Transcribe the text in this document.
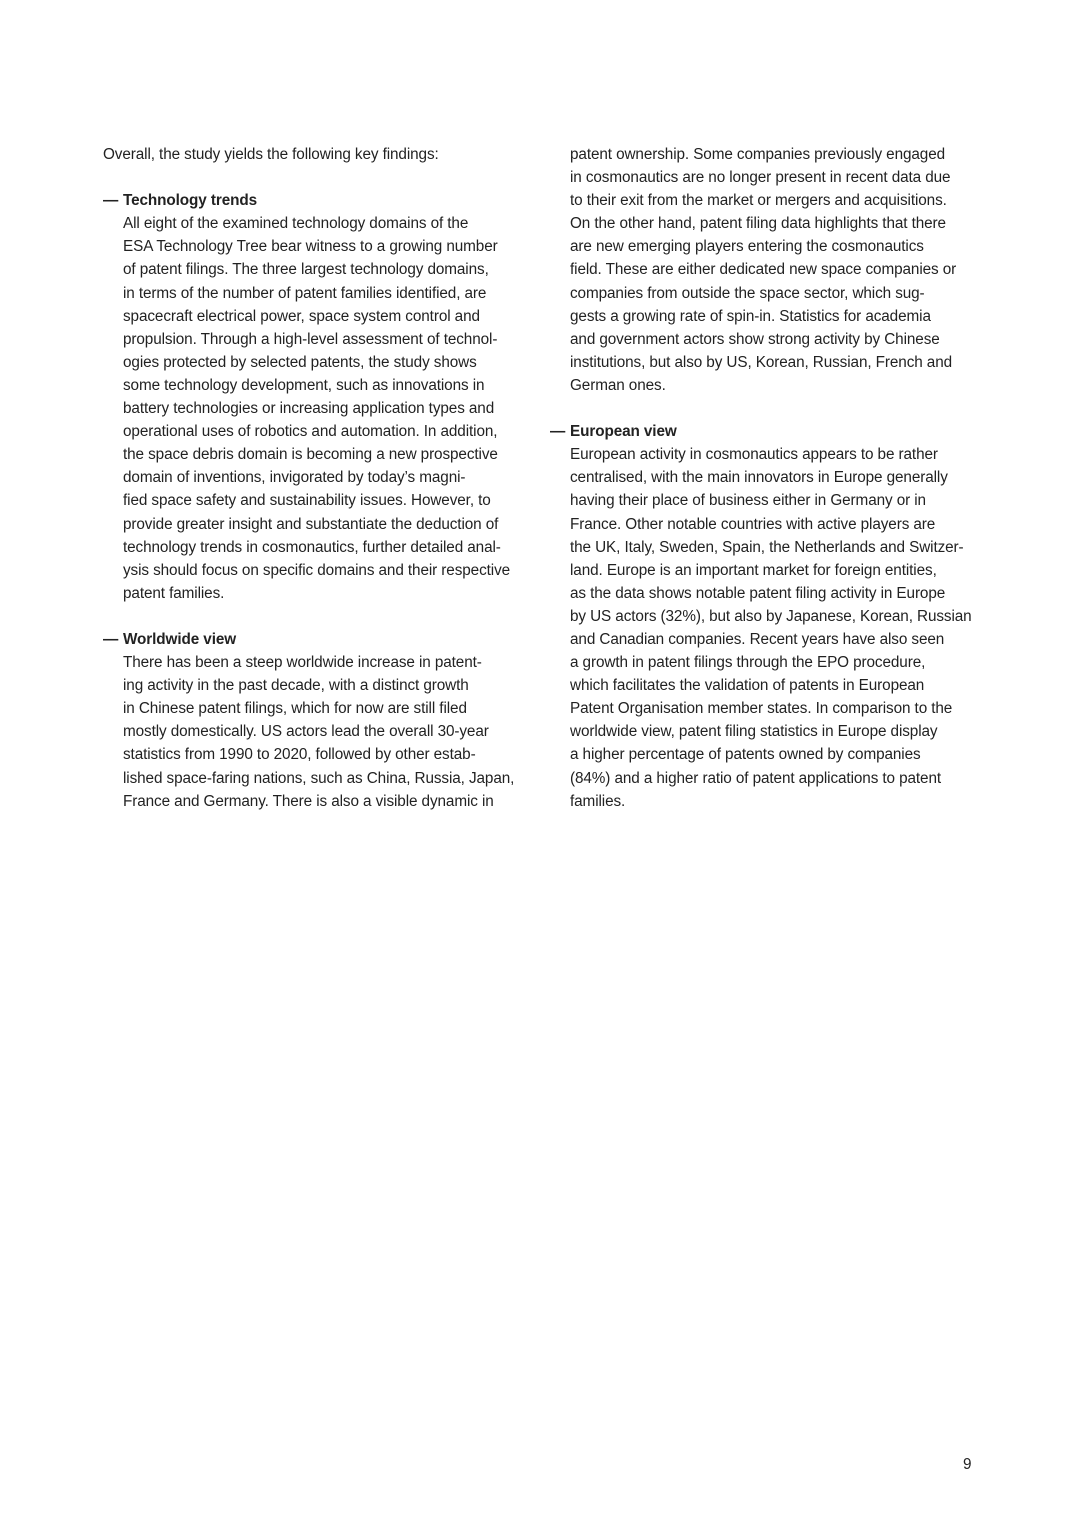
Overall, the study yields the following key findings:
— Technology trends
All eight of the examined technology domains of the
ESA Technology Tree bear witness to a growing number
of patent filings. The three largest technology domains,
in terms of the number of patent families identified, are
spacecraft electrical power, space system control and
propulsion. Through a high-level assessment of technol-
ogies protected by selected patents, the study shows
some technology development, such as innovations in
battery technologies or increasing application types and
operational uses of robotics and automation. In addition,
the space debris domain is becoming a new prospective
domain of inventions, invigorated by today’s magni-
fied space safety and sustainability issues. However, to
provide greater insight and substantiate the deduction of
technology trends in cosmonautics, further detailed anal-
ysis should focus on specific domains and their respective
patent families.
— Worldwide view
There has been a steep worldwide increase in patent-
ing activity in the past decade, with a distinct growth
in Chinese patent filings, which for now are still filed
mostly domestically. US actors lead the overall 30-year
statistics from 1990 to 2020, followed by other estab-
lished space-faring nations, such as China, Russia, Japan,
France and Germany. There is also a visible dynamic in
patent ownership. Some companies previously engaged
in cosmonautics are no longer present in recent data due
to their exit from the market or mergers and acquisitions.
On the other hand, patent filing data highlights that there
are new emerging players entering the cosmonautics
field. These are either dedicated new space companies or
companies from outside the space sector, which sug-
gests a growing rate of spin-in. Statistics for academia
and government actors show strong activity by Chinese
institutions, but also by US, Korean, Russian, French and
German ones.
— European view
European activity in cosmonautics appears to be rather
centralised, with the main innovators in Europe generally
having their place of business either in Germany or in
France. Other notable countries with active players are
the UK, Italy, Sweden, Spain, the Netherlands and Switzer-
land. Europe is an important market for foreign entities,
as the data shows notable patent filing activity in Europe
by US actors (32%), but also by Japanese, Korean, Russian
and Canadian companies. Recent years have also seen
a growth in patent filings through the EPO procedure,
which facilitates the validation of patents in European
Patent Organisation member states. In comparison to the
worldwide view, patent filing statistics in Europe display
a higher percentage of patents owned by companies
(84%) and a higher ratio of patent applications to patent
families.
9
